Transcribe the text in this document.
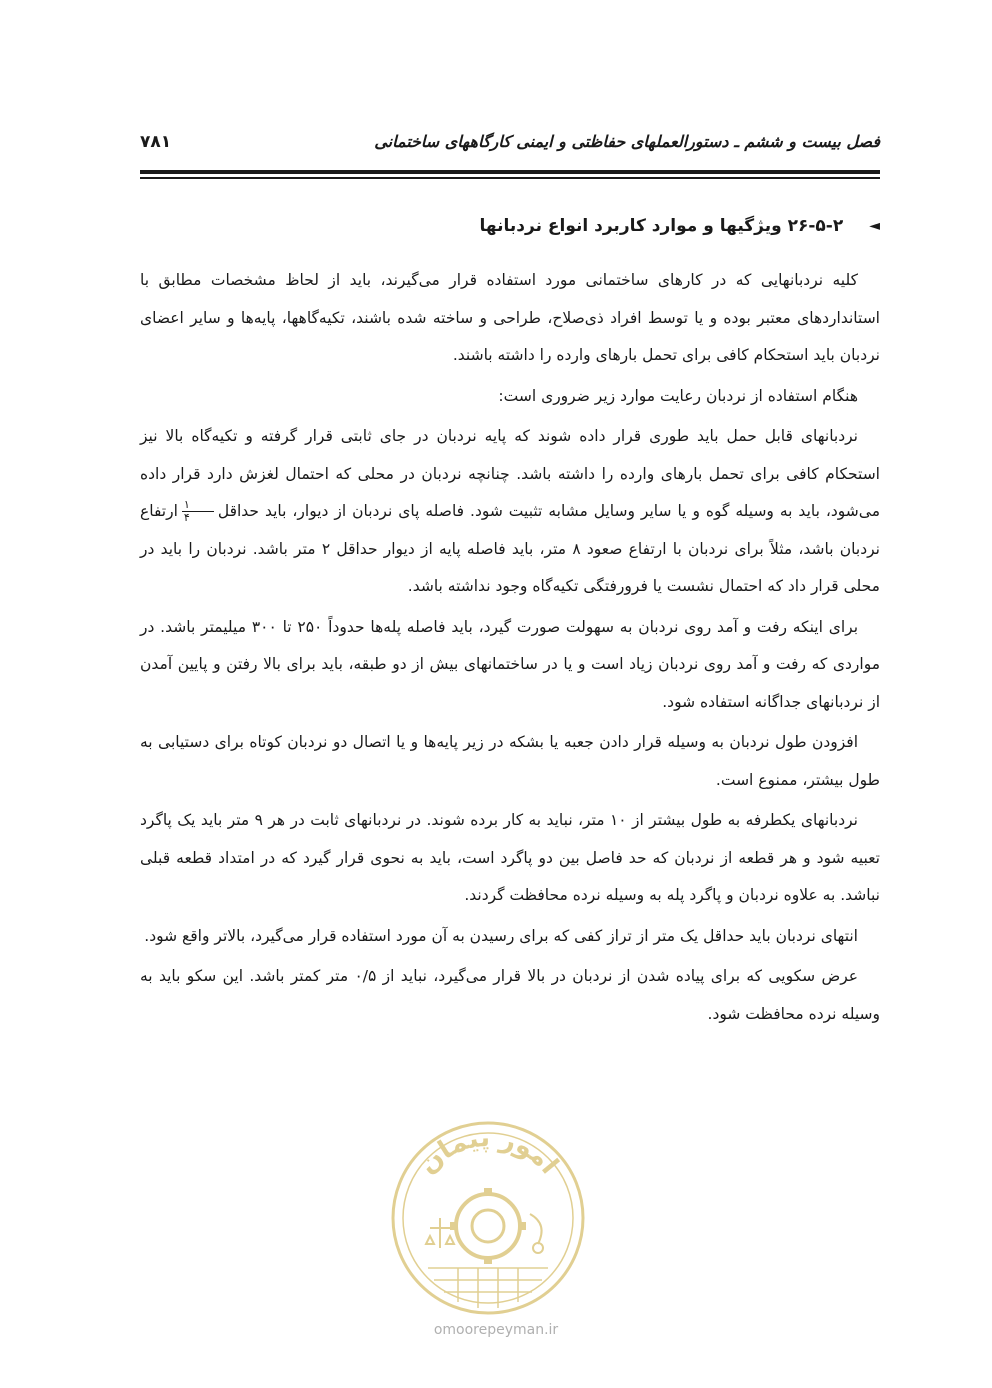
فصل بیست و ششم ـ دستورالعملهای حفاظتی و ایمنی کارگاههای ساختمانی
۷۸۱
◄۲۶-۵-۲ ویژگیها و موارد کاربرد انواع نردبانها

کلیه نردبانهایی که در کارهای ساختمانی مورد استفاده قرار می‌گیرند، باید از لحاظ مشخصات مطابق با استانداردهای معتبر بوده و یا توسط افراد ذی‌صلاح، طراحی و ساخته شده باشند، تکیه‌گاهها، پایه‌ها و سایر اعضای نردبان باید استحکام کافی برای تحمل بارهای وارده را داشته باشند.

هنگام استفاده از نردبان رعایت موارد زیر ضروری است:

نردبانهای قابل حمل باید طوری قرار داده شوند که پایه نردبان در جای ثابتی قرار گرفته و تکیه‌گاه بالا نیز استحکام کافی برای تحمل بارهای وارده را داشته باشد. چنانچه نردبان در محلی که احتمال لغزش دارد قرار داده می‌شود، باید به وسیله گوه و یا سایر وسایل مشابه تثبیت شود. فاصله پای نردبان از دیوار، باید حداقل
$\frac{۱}{۴}$
ارتفاع نردبان باشد، مثلاً برای نردبان با ارتفاع صعود ۸ متر، باید فاصله پایه از دیوار حداقل ۲ متر باشد. نردبان را باید در محلی قرار داد که احتمال نشست یا فرورفتگی تکیه‌گاه وجود نداشته باشد.

برای اینکه رفت و آمد روی نردبان به سهولت صورت گیرد، باید فاصله پله‌ها حدوداً ۲۵۰ تا ۳۰۰ میلیمتر باشد. در مواردی که رفت و آمد روی نردبان زیاد است و یا در ساختمانهای بیش از دو طبقه، باید برای بالا رفتن و پایین آمدن از نردبانهای جداگانه استفاده شود.

افزودن طول نردبان به وسیله قرار دادن جعبه یا بشکه در زیر پایه‌ها و یا اتصال دو نردبان کوتاه برای دستیابی به طول بیشتر، ممنوع است.

نردبانهای یکطرفه به طول بیشتر از ۱۰ متر، نباید به کار برده شوند. در نردبانهای ثابت در هر ۹ متر باید یک پاگرد تعبیه شود و هر قطعه از نردبان که حد فاصل بین دو پاگرد است، باید به نحوی قرار گیرد که در امتداد قطعه قبلی نباشد. به علاوه نردبان و پاگرد پله به وسیله نرده محافظت گردند.

انتهای نردبان باید حداقل یک متر از تراز کفی که برای رسیدن به آن مورد استفاده قرار می‌گیرد، بالاتر واقع شود.

عرض سکویی که برای پیاده شدن از نردبان در بالا قرار می‌گیرد، نباید از ۰/۵ متر کمتر باشد. این سکو باید به وسیله نرده محافظت شود.

امور پیمان
omoorepeyman.ir
